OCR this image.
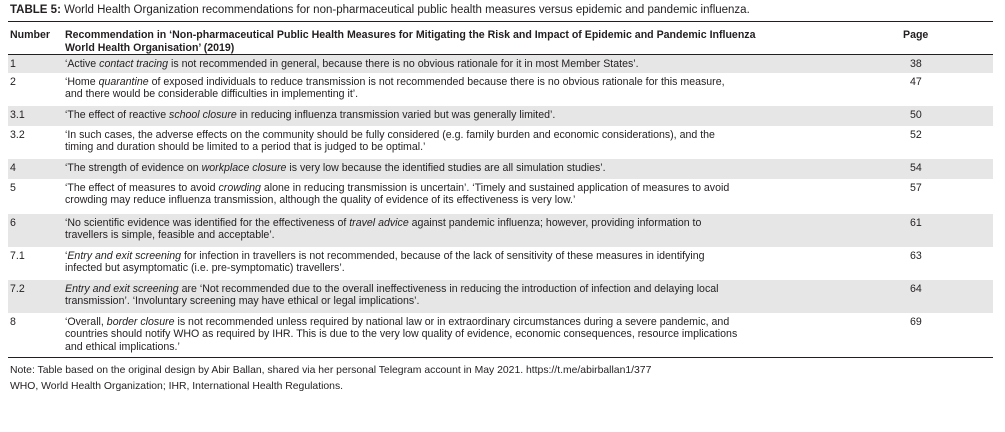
TABLE 5: World Health Organization recommendations for non-pharmaceutical public health measures versus epidemic and pandemic influenza.
Number	Recommendation in ‘Non-pharmaceutical Public Health Measures for Mitigating the Risk and Impact of Epidemic and Pandemic Influenza
World Health Organisation’ (2019)	Page
1	‘Active contact tracing is not recommended in general, because there is no obvious rationale for it in most Member States’.	38
2	‘Home quarantine of exposed individuals to reduce transmission is not recommended because there is no obvious rationale for this measure,
and there would be considerable difficulties in implementing it’.	47
3.1	‘The effect of reactive school closure in reducing influenza transmission varied but was generally limited’.	50
3.2	‘In such cases, the adverse effects on the community should be fully considered (e.g. family burden and economic considerations), and the
timing and duration should be limited to a period that is judged to be optimal.’	52
4	‘The strength of evidence on workplace closure is very low because the identified studies are all simulation studies’.	54
5	‘The effect of measures to avoid crowding alone in reducing transmission is uncertain’. ‘Timely and sustained application of measures to avoid
crowding may reduce influenza transmission, although the quality of evidence of its effectiveness is very low.’	57
6	‘No scientific evidence was identified for the effectiveness of travel advice against pandemic influenza; however, providing information to
travellers is simple, feasible and acceptable’.	61
7.1	‘Entry and exit screening for infection in travellers is not recommended, because of the lack of sensitivity of these measures in identifying
infected but asymptomatic (i.e. pre-symptomatic) travellers’.	63
7.2	Entry and exit screening are ‘Not recommended due to the overall ineffectiveness in reducing the introduction of infection and delaying local
transmission’. ‘Involuntary screening may have ethical or legal implications’.	64
8	‘Overall, border closure is not recommended unless required by national law or in extraordinary circumstances during a severe pandemic, and
countries should notify WHO as required by IHR. This is due to the very low quality of evidence, economic consequences, resource implications
and ethical implications.’	69
Note: Table based on the original design by Abir Ballan, shared via her personal Telegram account in May 2021. https://t.me/abirballan1/377
WHO, World Health Organization; IHR, International Health Regulations.
